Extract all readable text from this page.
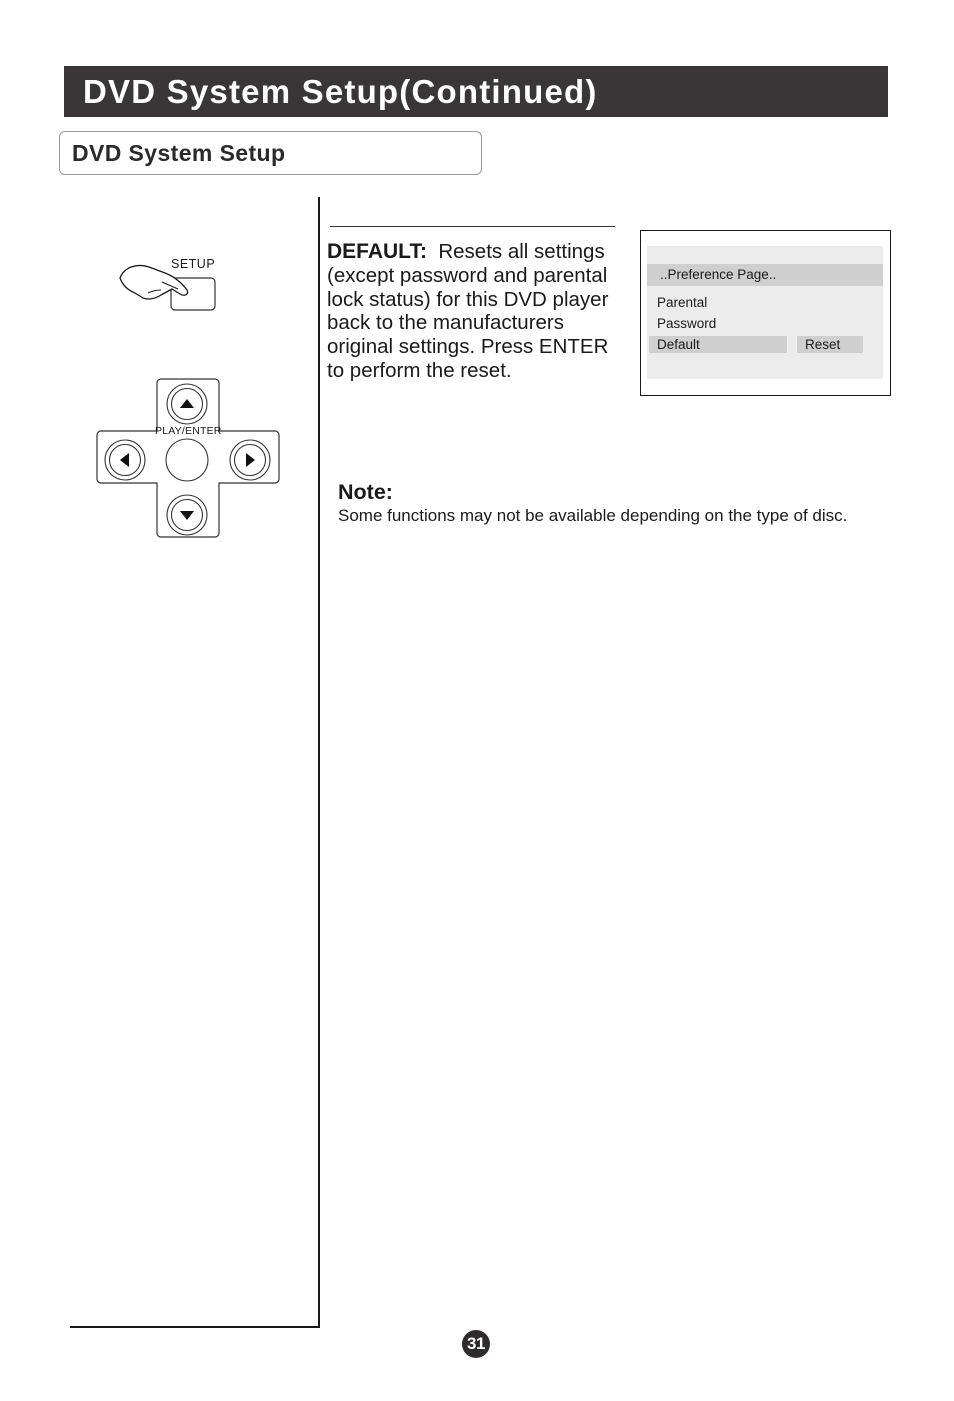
DVD System Setup(Continued)
DVD System Setup
SETUP
PLAY/ENTER
DEFAULT: Resets all settings (except password and parental lock status) for this DVD player back to the manufacturers original settings. Press ENTER to perform the reset.
..Preference Page..
Parental
Password
Default	Reset
Note:
Some functions may not be available depending on the type of disc.
31
